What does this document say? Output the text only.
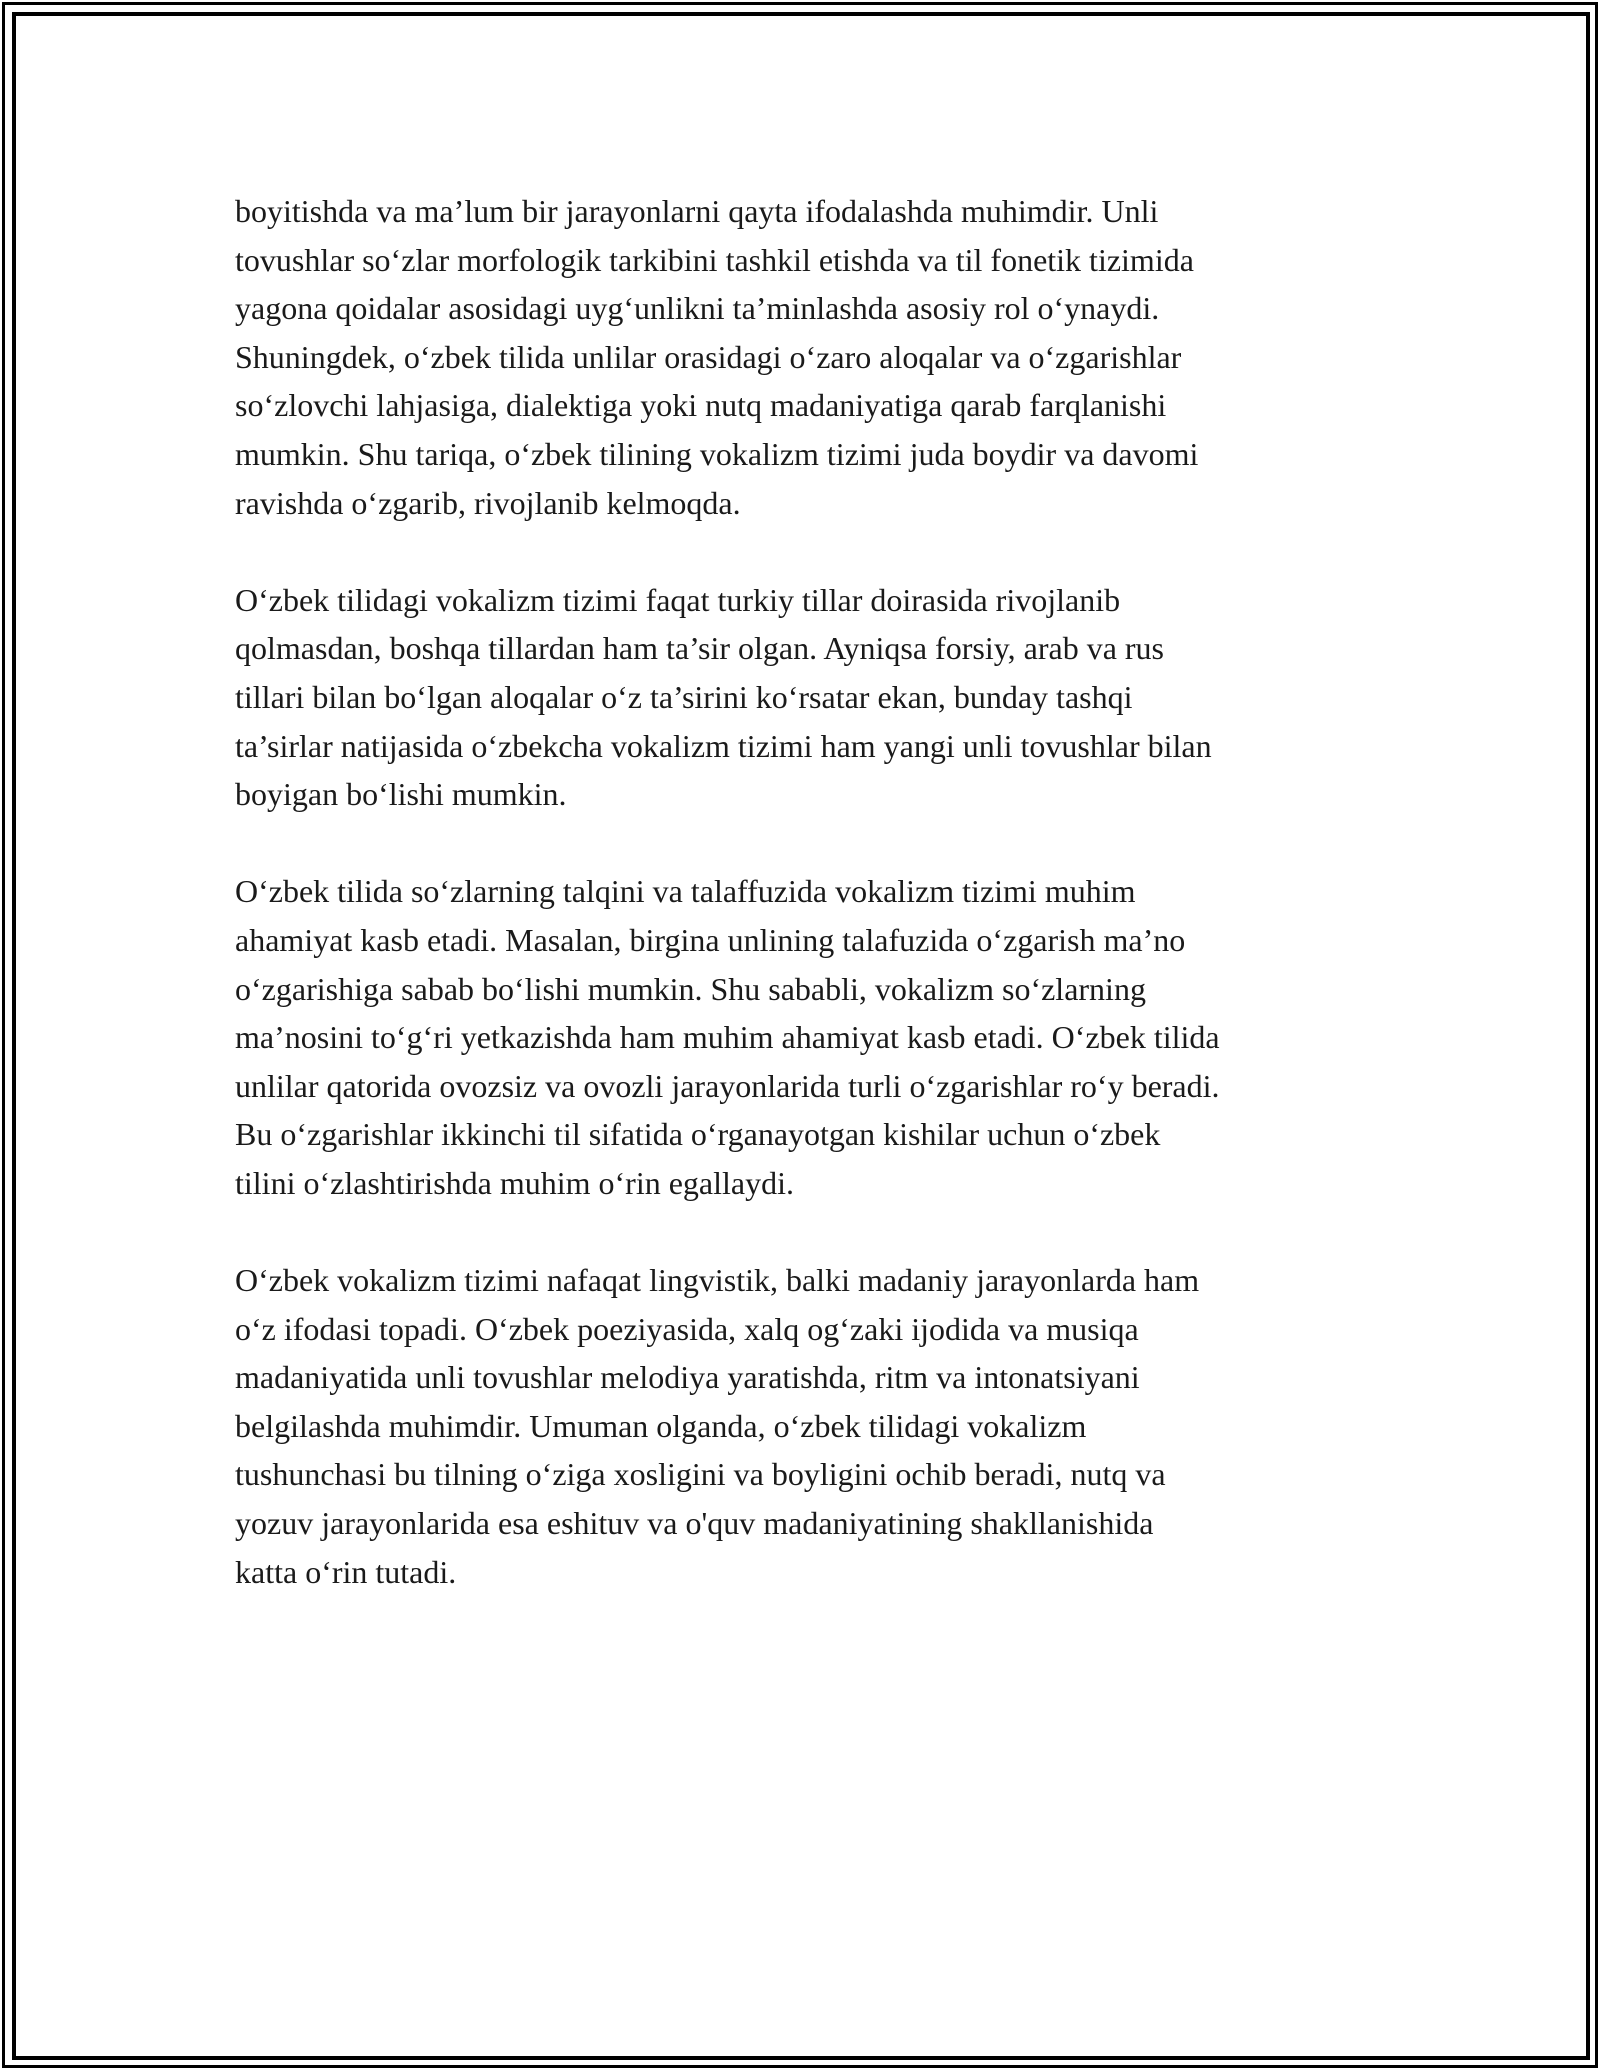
boyitishda va ma’lum bir jarayonlarni qayta ifodalashda muhimdir. Unli
tovushlar so‘zlar morfologik tarkibini tashkil etishda va til fonetik tizimida
yagona qoidalar asosidagi uyg‘unlikni ta’minlashda asosiy rol o‘ynaydi.
Shuningdek, o‘zbek tilida unlilar orasidagi o‘zaro aloqalar va o‘zgarishlar
so‘zlovchi lahjasiga, dialektiga yoki nutq madaniyatiga qarab farqlanishi
mumkin. Shu tariqa, o‘zbek tilining vokalizm tizimi juda boydir va davomi
ravishda o‘zgarib, rivojlanib kelmoqda.

O‘zbek tilidagi vokalizm tizimi faqat turkiy tillar doirasida rivojlanib
qolmasdan, boshqa tillardan ham ta’sir olgan. Ayniqsa forsiy, arab va rus
tillari bilan bo‘lgan aloqalar o‘z ta’sirini ko‘rsatar ekan, bunday tashqi
ta’sirlar natijasida o‘zbekcha vokalizm tizimi ham yangi unli tovushlar bilan
boyigan bo‘lishi mumkin.

O‘zbek tilida so‘zlarning talqini va talaffuzida vokalizm tizimi muhim
ahamiyat kasb etadi. Masalan, birgina unlining talafuzida o‘zgarish ma’no
o‘zgarishiga sabab bo‘lishi mumkin. Shu sababli, vokalizm so‘zlarning
ma’nosini to‘g‘ri yetkazishda ham muhim ahamiyat kasb etadi. O‘zbek tilida
unlilar qatorida ovozsiz va ovozli jarayonlarida turli o‘zgarishlar ro‘y beradi.
Bu o‘zgarishlar ikkinchi til sifatida o‘rganayotgan kishilar uchun o‘zbek
tilini o‘zlashtirishda muhim o‘rin egallaydi.

O‘zbek vokalizm tizimi nafaqat lingvistik, balki madaniy jarayonlarda ham
o‘z ifodasi topadi. O‘zbek poeziyasida, xalq og‘zaki ijodida va musiqa
madaniyatida unli tovushlar melodiya yaratishda, ritm va intonatsiyani
belgilashda muhimdir. Umuman olganda, o‘zbek tilidagi vokalizm
tushunchasi bu tilning o‘ziga xosligini va boyligini ochib beradi, nutq va
yozuv jarayonlarida esa eshituv va o'quv madaniyatining shakllanishida
katta o‘rin tutadi.
